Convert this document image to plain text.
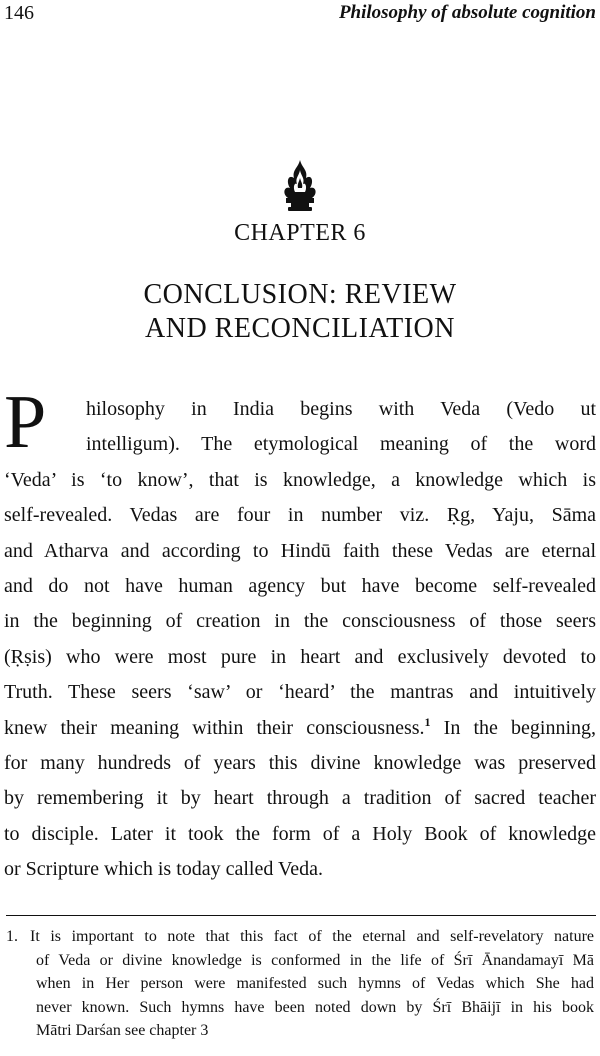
146	Philosophy of absolute cognition
CHAPTER 6
CONCLUSION: REVIEW
AND RECONCILIATION
P	hilosophy in India begins with Veda (Vedo ut
intelligum). The etymological meaning of the word
‘Veda’ is ‘to know’, that is knowledge, a knowledge which is
self-revealed. Vedas are four in number viz. Ṛg, Yaju, Sāma
and Atharva and according to Hindū faith these Vedas are eternal
and do not have human agency but have become self-revealed
in the beginning of creation in the consciousness of those seers
(Ṛṣis) who were most pure in heart and exclusively devoted to
Truth. These seers ‘saw’ or ‘heard’ the mantras and intuitively
knew their meaning within their consciousness.$^1$ In the beginning,
for many hundreds of years this divine knowledge was preserved
by remembering it by heart through a tradition of sacred teacher
to disciple. Later it took the form of a Holy Book of knowledge
or Scripture which is today called Veda.
1. It is important to note that this fact of the eternal and self-revelatory nature
of Veda or divine knowledge is conformed in the life of Śrī Ānandamayī Mā
when in Her person were manifested such hymns of Vedas which She had
never known. Such hymns have been noted down by Śrī Bhāijī in his book
Mātri Darśan see chapter 3
